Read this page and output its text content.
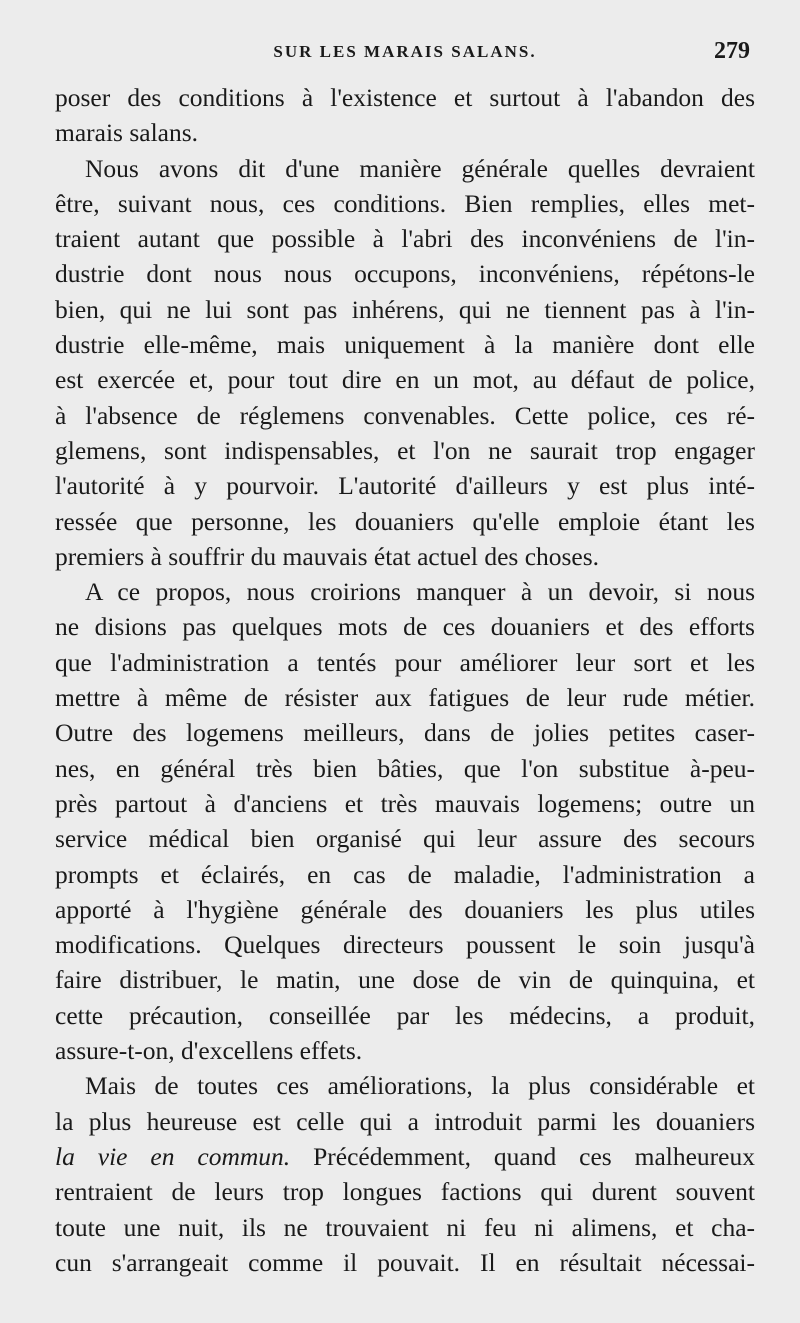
SUR LES MARAIS SALANS.	279
poser des conditions à l'existence et surtout à l'abandon des
marais salans.
Nous avons dit d'une manière générale quelles devraient
être, suivant nous, ces conditions. Bien remplies, elles met-
traient autant que possible à l'abri des inconvéniens de l'in-
dustrie dont nous nous occupons, inconvéniens, répétons-le
bien, qui ne lui sont pas inhérens, qui ne tiennent pas à l'in-
dustrie elle-même, mais uniquement à la manière dont elle
est exercée et, pour tout dire en un mot, au défaut de police,
à l'absence de réglemens convenables. Cette police, ces ré-
glemens, sont indispensables, et l'on ne saurait trop engager
l'autorité à y pourvoir. L'autorité d'ailleurs y est plus inté-
ressée que personne, les douaniers qu'elle emploie étant les
premiers à souffrir du mauvais état actuel des choses.
A ce propos, nous croirions manquer à un devoir, si nous
ne disions pas quelques mots de ces douaniers et des efforts
que l'administration a tentés pour améliorer leur sort et les
mettre à même de résister aux fatigues de leur rude métier.
Outre des logemens meilleurs, dans de jolies petites caser-
nes, en général très bien bâties, que l'on substitue à-peu-
près partout à d'anciens et très mauvais logemens; outre un
service médical bien organisé qui leur assure des secours
prompts et éclairés, en cas de maladie, l'administration a
apporté à l'hygiène générale des douaniers les plus utiles
modifications. Quelques directeurs poussent le soin jusqu'à
faire distribuer, le matin, une dose de vin de quinquina, et
cette précaution, conseillée par les médecins, a produit,
assure-t-on, d'excellens effets.
Mais de toutes ces améliorations, la plus considérable et
la plus heureuse est celle qui a introduit parmi les douaniers
la vie en commun. Précédemment, quand ces malheureux
rentraient de leurs trop longues factions qui durent souvent
toute une nuit, ils ne trouvaient ni feu ni alimens, et cha-
cun s'arrangeait comme il pouvait. Il en résultait nécessai-
